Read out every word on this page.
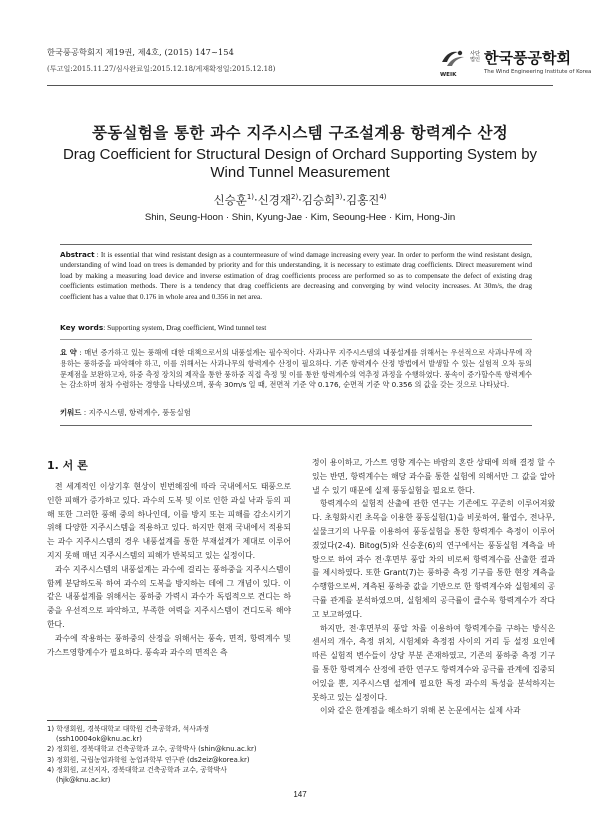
한국풍공학회지 제19권, 제4호, (2015) 147~154
(투고일:2015.11.27/심사완료일:2015.12.18/게재확정일:2015.12.18)
WEIK
사단
법인 한국풍공학회
The Wind Engineering Institute of Korea
풍동실험을 통한 과수 지주시스템 구조설계용 항력계수 산정
Drag Coefficient for Structural Design of Orchard Supporting System by
Wind Tunnel Measurement
신승훈$^{1)}$·신경재$^{2)}$·김승희$^{3)}$·김홍진$^{4)}$
Shin, Seung-Hoon · Shin, Kyung-Jae · Kim, Seoung-Hee · Kim, Hong-Jin
Abstract : It is essential that wind resistant design as a countermeasure of wind damage increasing every year. In order to perform the wind resistant design, understanding of wind load on trees is demanded by priority and for this understanding, it is necessary to estimate drag coefficients. Direct measurement wind load by making a measuring load device and inverse estimation of drag coefficients process are performed so as to compensate the defect of existing drag coefficients estimation methods. There is a tendency that drag coefficients are decreasing and converging by wind velocity increases. At 30m/s, the drag coefficient has a value that 0.176 in whole area and 0.356 in net area.
Key words: Supporting system, Drag coefficient, Wind tunnel test
요 약 : 매년 증가하고 있는 풍해에 대한 대책으로서의 내풍설계는 필수적이다. 사과나무 지주시스템의 내풍설계를 위해서는 우선적으로 사과나무에 작용하는 풍하중을 파악해야 하고, 이를 위해서는 사과나무의 항력계수 산정이 필요하다. 기존 항력계수 산정 방법에서 발생할 수 있는 실험적 오차 등의 문제점을 보완하고자, 하중 측정 장치의 제작을 통한 풍하중 직접 측정 및 이를 통한 항력계수의 역추정 과정을 수행하였다. 풍속이 증가할수록 항력계수는 감소하며 점차 수렴하는 경향을 나타냈으며, 풍속 30m/s 일 때, 전면적 기준 약 0.176, 순면적 기준 약 0.356 의 값을 갖는 것으로 나타났다.
키워드 : 지주시스템, 항력계수, 풍동실험
1. 서 론

전 세계적인 이상기후 현상이 빈번해짐에 따라 국내에서도 태풍으로 인한 피해가 증가하고 있다. 과수의 도복 및 이로 인한 과실 낙과 등의 피해 또한 그러한 풍해 중의 하나인데, 이를 방지 또는 피해를 감소시키기 위해 다양한 지주시스템을 적용하고 있다. 하지만 현재 국내에서 적용되는 과수 지주시스템의 경우 내풍설계를 통한 부재설계가 제대로 이루어지지 못해 매년 지주시스템의 피해가 반복되고 있는 실정이다.

과수 지주시스템의 내풍설계는 과수에 걸리는 풍하중을 지주시스템이 함께 분담하도록 하여 과수의 도복을 방지하는 데에 그 개념이 있다. 이 같은 내풍설계를 위해서는 풍하중 가력시 과수가 독립적으로 견디는 하중을 우선적으로 파악하고, 부족한 여력을 지주시스템이 견디도록 해야 한다.

과수에 작용하는 풍하중의 산정을 위해서는 풍속, 면적, 항력계수 및 가스트영향계수가 필요하다. 풍속과 과수의 면적은 측

정이 용이하고, 가스트 영향 계수는 바람의 혼란 상태에 의해 결정 할 수 있는 반면, 항력계수는 해당 과수를 통한 실험에 의해서만 그 값을 알아낼 수 있기 때문에 실제 풍동실험을 필요로 한다.

항력계수의 실험적 산출에 관한 연구는 기존에도 꾸준히 이루어져왔다. 초형화시킨 초목을 이용한 풍동실험(1)을 비롯하여, 활엽수, 전나무, 실물크기의 나무를 이용하여 풍동실험을 통한 항력계수 측정이 이루어졌었다(2-4). Bitog(5)와 신승훈(6)의 연구에서는 풍동실험 계측을 바탕으로 하여 과수 전·후면부 풍압 차의 비로써 항력계수를 산출한 결과를 제시하였다. 또한 Grant(7)는 풍하중 측정 기구를 통한 현장 계측을 수행함으로써, 계측된 풍하중 값을 기반으로 한 항력계수와 실험체의 공극률 관계를 분석하였으며, 실험체의 공극률이 클수록 항력계수가 작다고 보고하였다.

하지만, 전·후면부의 풍압 차를 이용하여 항력계수를 구하는 방식은 센서의 개수, 측정 위치, 시험체와 측정점 사이의 거리 등 설정 요인에 따른 실험적 변수들이 상당 부분 존재하였고, 기존의 풍하중 측정 기구를 통한 항력계수 산정에 관한 연구도 항력계수와 공극률 관계에 집중되어있을 뿐, 지주시스템 설계에 필요한 특정 과수의 특성을 분석하지는 못하고 있는 실정이다.

이와 같은 한계점을 해소하기 위해 본 논문에서는 실제 사과

1) 학생회원, 경북대학교 대학원 건축공학과, 석사과정
(ssh10004ok@knu.ac.kr)
2) 정회원, 경북대학교 건축공학과 교수, 공학박사 (shin@knu.ac.kr)
3) 정회원, 국립농업과학원 농업과학부 연구관 (ds2eiz@korea.kr)
4) 정회원, 교신저자, 경북대학교 건축공학과 교수, 공학박사
(hjk@knu.ac.kr)
147
